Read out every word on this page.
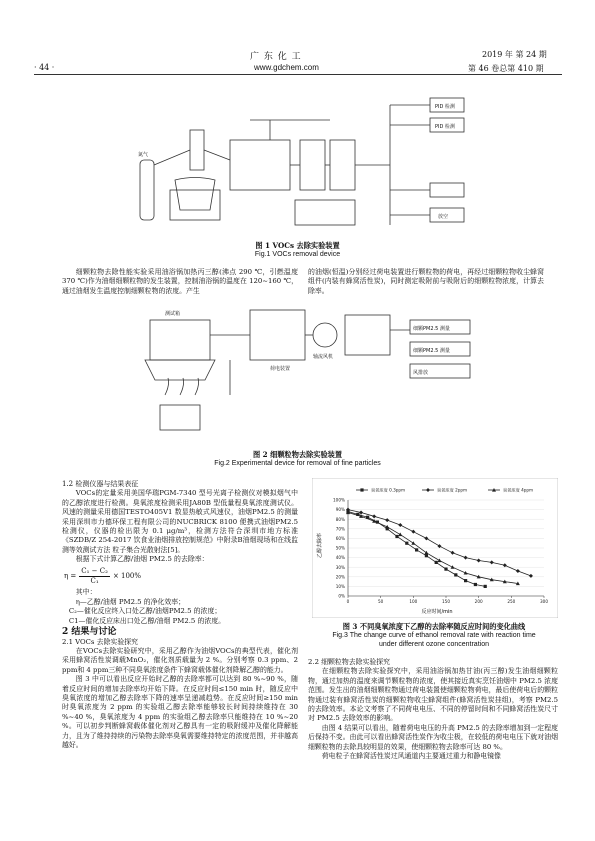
· 44 ·
广 东 化 工
www.gdchem.com
2019 年 第 24 期
第 46 卷总第 410 期
PID 检测
PID 检测
氮气
放空
图 1 VOCs 去除实验装置
Fig.1 VOCs removal device

细颗粒物去除性能实验采用油浴锅加热丙三醇(沸点 290 ℃，引燃温度 370 ℃)作为油烟细颗粒物的发生装置，控制油浴锅的温度在 120~160 ℃，通过油烟发生温度控制细颗粒物的浓度。产生

的油烟(恒温)分别经过荷电装置进行颗粒物的荷电，再经过细颗粒物收尘蜂窝组件(内装有蜂窝活性炭)，同时测定吸附前与吸附后的细颗粒物浓度，计算去除率。

荷电装置
细颗PM2.5 测量
细颗PM2.5 测量
风排放
测试箱
轴流风机
图 2 细颗粒物去除实验装置
Fig.2 Experimental device for removal of fine particles
1.2 检测仪器与结果表征

VOCs的定量采用美国华瑞PGM-7340 型号光离子检测仪对模拟烟气中的乙醇浓度进行检测。臭氧浓度检测采用JA80B 型低量程臭氧浓度测试仪。风速的测量采用德国TESTO405V1 数显热敏式风速仪，油烟PM2.5 的测量采用深圳市力德环保工程有限公司的NUCBRICK 8100 便携式油烟PM2.5 检测仪，仪器的检出限为 0.1 μg/m³，检测方法符合深圳市地方标准《SZDB/Z 254-2017 饮食业油烟排放控制规范》中附录B油烟现场和在线监测等效测试方法 粒子集合光散射法[5]。

根据下式计算乙醇/油烟 PM2.5 的去除率：

$\eta = \frac{\text{C₁ − C₂}}{\text{C₁}} \times 100\%$

其中：

η—乙醇/油烟 PM2.5 的净化效率；

C₂—催化反应终入口处乙醇/油烟PM2.5 的浓度；

C1—催化反应床出口处乙醇/油烟 PM2.5 的浓度。

2 结果与讨论
2.1 VOCs 去除实验探究

在VOCs去除实验研究中，采用乙醇作为油烟VOCs的典型代表，催化剂采用蜂窝活性炭调载MnO₂，催化剂质载量为 2 %。分别考察 0.3 ppm、2 ppm和 4 ppm三种不同臭氧浓度条件下蜂窝载体催化剂降解乙醇的能力。

图 3 中可以看出反应开始时乙醇的去除率都可以达到 80 %~90 %，随着反应时间的增加去除率均开始下降。在反应时间≤150 min 时，随反应中臭氧浓度的增加乙醇去除率下降的速率呈递减趋势。在反应时间≥150 min 时臭氧浓度为 2 ppm 的实验组乙醇去除率能够较长时间持续维持在 30 %~40 %，臭氧浓度为 4 ppm 的实验组乙醇去除率只能维持在 10 %~20 %。可以初步判断蜂窝载体催化剂对乙醇具有一定的吸附缓冲及催化降解能力，且为了维持持续的污染物去除率臭氧需要维持特定的浓度范围，并非越高越好。

0%
10%
20%
30%
40%
50%
60%
70%
80%
90%
100%
0	50	100	150	200	250	300
臭氧浓度 0.3ppm	臭氧浓度 2ppm	臭氧浓度 4ppm
乙醇去除率
反应时间/min
图 3 不同臭氧浓度下乙醇的去除率随反应时间的变化曲线
Fig.3 The change curve of ethanol removal rate with reaction time
under different ozone concentration
2.2 细颗粒物去除实验探究

在细颗粒物去除实验探究中，采用油浴锅加热甘油(丙三醇)发生油烟细颗粒物，通过加热的温度来调节颗粒物的浓度，使其接近真实烹饪油烟中 PM2.5 浓度范围。发生出的油烟细颗粒物通过荷电装置使细颗粒物荷电，最后使荷电后的颗粒物通过装有蜂窝活性炭的细颗粒物收尘蜂窝组件(蜂窝活性炭挂组)，考察 PM2.5 的去除效率。本论文考察了不同荷电电压、不同的停留时间和不同蜂窝活性炭尺寸对 PM2.5 去除效率的影响。

由图 4 结果可以看出，随着荷电电压的升高 PM2.5 的去除率增加到一定程度后保持不变。由此可以看出蜂窝活性炭作为收尘极，在较低的荷电电压下就对油烟细颗粒物的去除具较明显的效果，使细颗粒物去除率可达 80 %。

荷电粒子在蜂窝活性炭过风通道内主要通过重力和静电镜像
